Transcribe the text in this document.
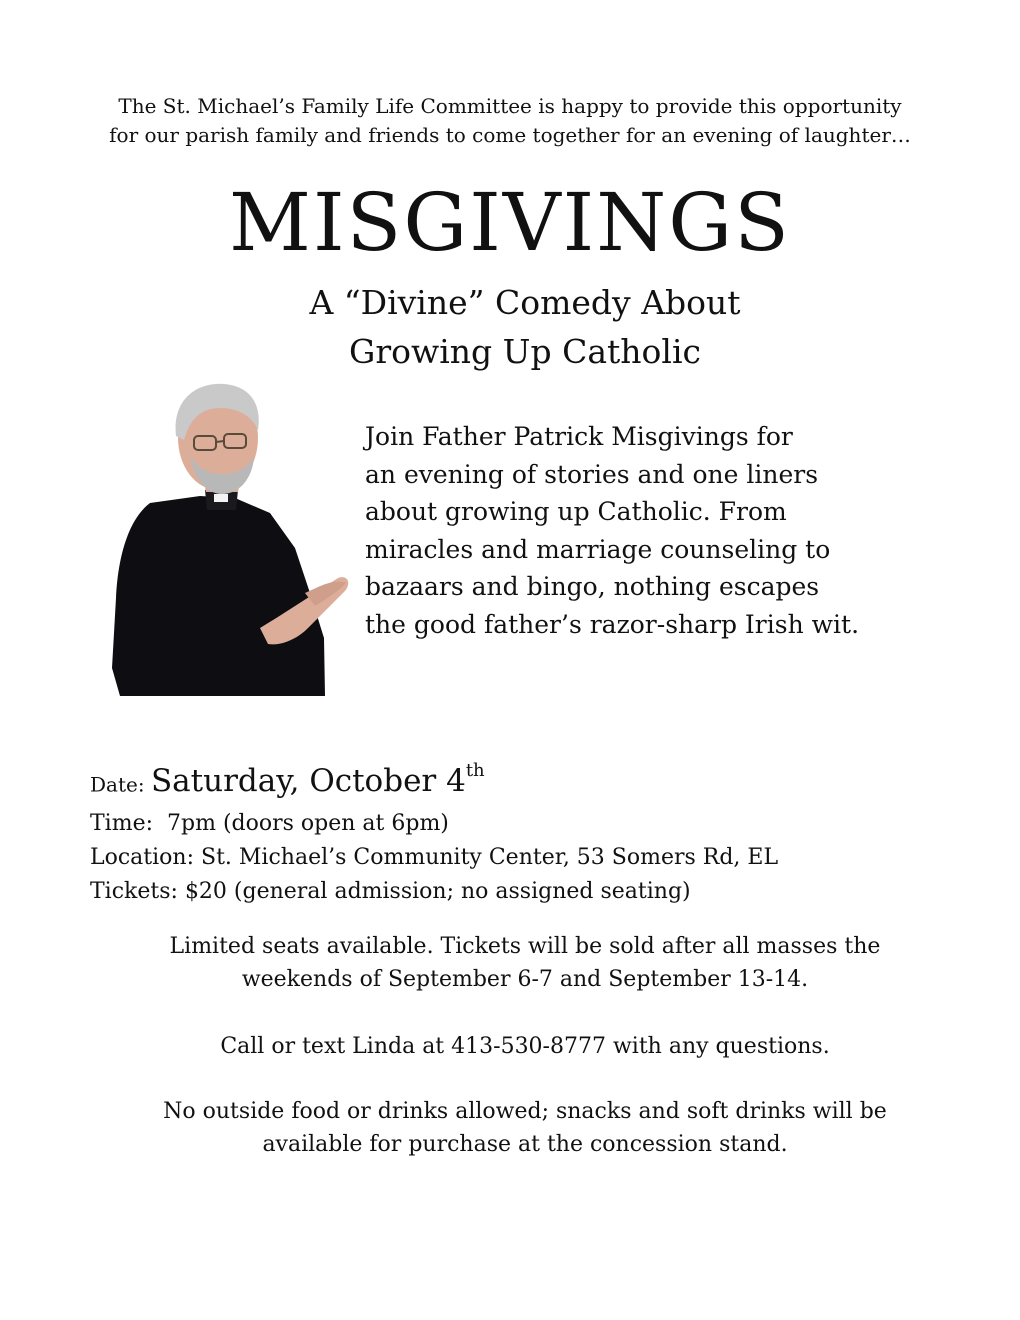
The St. Michael’s Family Life Committee is happy to provide this opportunity
for our parish family and friends to come together for an evening of laughter…
MISGIVINGS
A “Divine” Comedy About
Growing Up Catholic
Join Father Patrick Misgivings for
an evening of stories and one liners
about growing up Catholic. From
miracles and marriage counseling to
bazaars and bingo, nothing escapes
the good father’s razor-sharp Irish wit.
Date: Saturday, October 4th
Time: 7pm (doors open at 6pm)
Location: St. Michael’s Community Center, 53 Somers Rd, EL
Tickets: $20 (general admission; no assigned seating)
Limited seats available. Tickets will be sold after all masses the
weekends of September 6-7 and September 13-14.
Call or text Linda at 413-530-8777 with any questions.
No outside food or drinks allowed; snacks and soft drinks will be
available for purchase at the concession stand.
